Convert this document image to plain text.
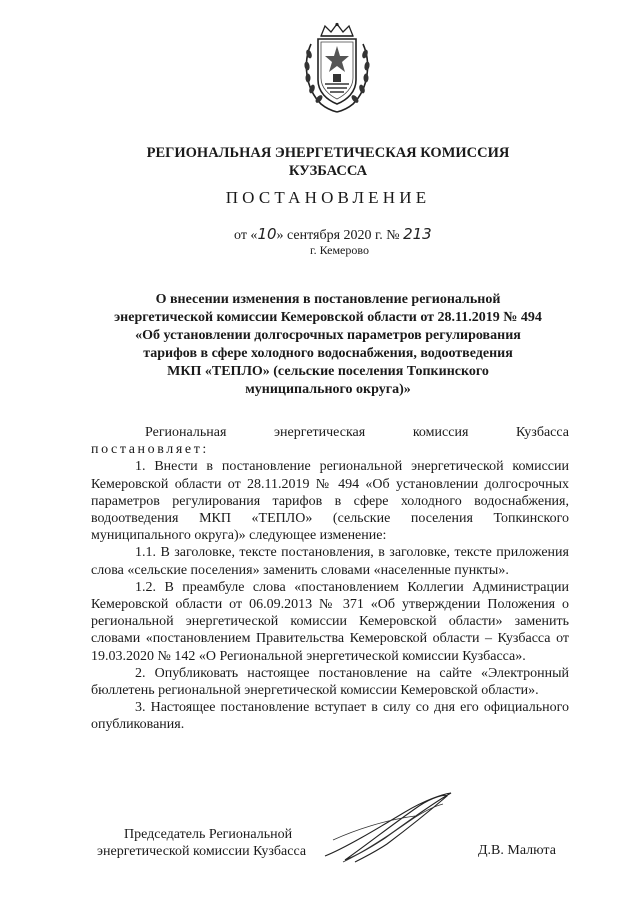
РЕГИОНАЛЬНАЯ ЭНЕРГЕТИЧЕСКАЯ КОМИССИЯ
КУЗБАССА
ПОСТАНОВЛЕНИЕ
от «10» сентября 2020 г. № 213
г. Кемерово
О внесении изменения в постановление региональной
энергетической комиссии Кемеровской области от 28.11.2019 № 494
«Об установлении долгосрочных параметров регулирования
тарифов в сфере холодного водоснабжения, водоотведения
МКП «ТЕПЛО» (сельские поселения Топкинского
муниципального округа)»
Региональная энергетическая комиссия Кузбасса
постановляет:
1. Внести в постановление региональной энергетической комиссии Кемеровской области от 28.11.2019 № 494 «Об установлении долгосрочных параметров регулирования тарифов в сфере холодного водоснабжения, водоотведения МКП «ТЕПЛО» (сельские поселения Топкинского муниципального округа)» следующее изменение:
1.1. В заголовке, тексте постановления, в заголовке, тексте приложения слова «сельские поселения» заменить словами «населенные пункты».
1.2. В преамбуле слова «постановлением Коллегии Администрации Кемеровской области от 06.09.2013 № 371 «Об утверждении Положения о региональной энергетической комиссии Кемеровской области» заменить словами «постановлением Правительства Кемеровской области – Кузбасса от 19.03.2020 № 142 «О Региональной энергетической комиссии Кузбасса».
2. Опубликовать настоящее постановление на сайте «Электронный бюллетень региональной энергетической комиссии Кемеровской области».
3. Настоящее постановление вступает в силу со дня его официального опубликования.
Председатель Региональной
энергетической комиссии Кузбасса	Д.В. Малюта
